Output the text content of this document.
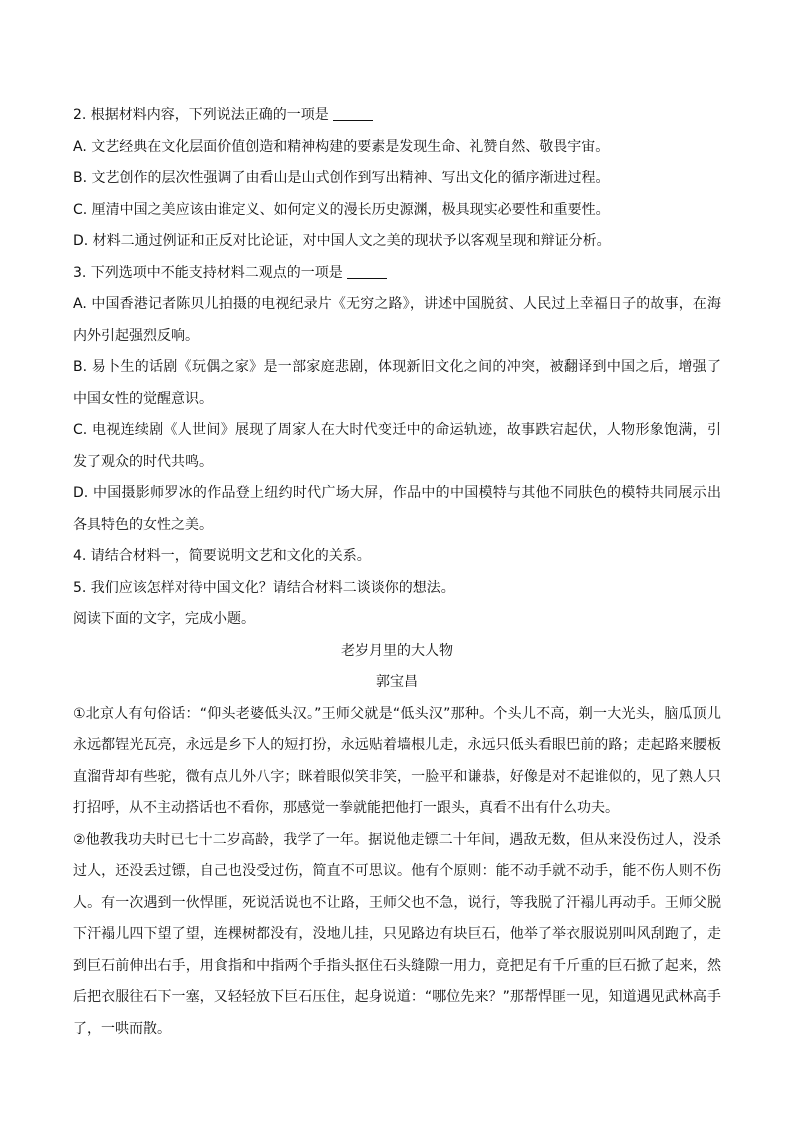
2. 根据材料内容，下列说法正确的一项是

A. 文艺经典在文化层面价值创造和精神构建的要素是发现生命、礼赞自然、敬畏宇宙。

B. 文艺创作的层次性强调了由看山是山式创作到写出精神、写出文化的循序渐进过程。

C. 厘清中国之美应该由谁定义、如何定义的漫长历史源渊，极具现实必要性和重要性。

D. 材料二通过例证和正反对比论证，对中国人文之美的现状予以客观呈现和辩证分析。

3. 下列选项中不能支持材料二观点的一项是

A. 中国香港记者陈贝儿拍摄的电视纪录片《无穷之路》，讲述中国脱贫、人民过上幸福日子的故事，在海内外引起强烈反响。

B. 易卜生的话剧《玩偶之家》是一部家庭悲剧，体现新旧文化之间的冲突，被翻译到中国之后，增强了中国女性的觉醒意识。

C. 电视连续剧《人世间》展现了周家人在大时代变迁中的命运轨迹，故事跌宕起伏，人物形象饱满，引发了观众的时代共鸣。

D. 中国摄影师罗冰的作品登上纽约时代广场大屏，作品中的中国模特与其他不同肤色的模特共同展示出各具特色的女性之美。

4. 请结合材料一，简要说明文艺和文化的关系。

5. 我们应该怎样对待中国文化？请结合材料二谈谈你的想法。

阅读下面的文字，完成小题。

老岁月里的大人物

郭宝昌

①北京人有句俗话：“仰头老婆低头汉。”王师父就是“低头汉”那种。个头儿不高，剃一大光头，脑瓜顶儿永远都锃光瓦亮，永远是乡下人的短打扮，永远贴着墙根儿走，永远只低头看眼巴前的路；走起路来腰板直溜背却有些驼，微有点儿外八字；眯着眼似笑非笑，一脸平和谦恭，好像是对不起谁似的，见了熟人只打招呼，从不主动搭话也不看你，那感觉一拳就能把他打一跟头，真看不出有什么功夫。

②他教我功夫时已七十二岁高龄，我学了一年。据说他走镖二十年间，遇敌无数，但从来没伤过人，没杀过人，还没丢过镖，自己也没受过伤，简直不可思议。他有个原则：能不动手就不动手，能不伤人则不伤人。有一次遇到一伙悍匪，死说活说也不让路，王师父也不急，说行，等我脱了汗褟儿再动手。王师父脱下汗褟儿四下望了望，连棵树都没有，没地儿挂，只见路边有块巨石，他举了举衣服说别叫风刮跑了，走到巨石前伸出右手，用食指和中指两个手指头抠住石头缝隙一用力，竟把足有千斤重的巨石掀了起来，然后把衣服往石下一塞，又轻轻放下巨石压住，起身说道：“哪位先来？”那帮悍匪一见，知道遇见武林高手了，一哄而散。
